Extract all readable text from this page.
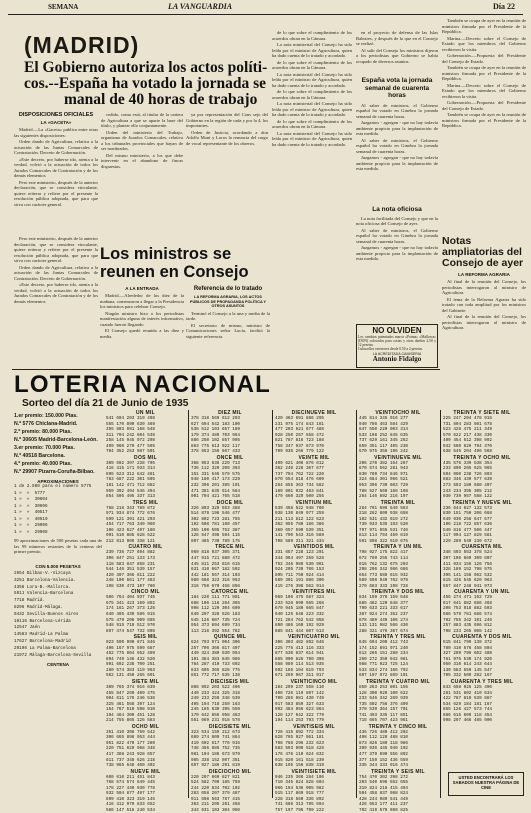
SEMANA	LA VANGUARDIA	Día 22
(MADRID)
El Gobierno autoriza los actos políti-
cos.--España ha votado la jornada se
manal de 40 horas de trabajo
DISPOSICIONES OFICIALES
LA «GACETA»

Madrid.—La «Gaceta» publica entre otras las siguientes disposiciones:

Orden dando de Agricultura, relativa a la actuación de las Juntas Comarcales de Contratación. Decreto de Gobernación.

«Este decreto, por haberse ido, atenta a la verdad, volvió a la actuación de todos los Jurados Comarcales de Contratación y de los demás elementos

Pero este ministerio, después de la anterior declaración, que se considera vinculante, quiere reiterar y refiere por el presente la resolución pública adoptada, que para que sirva con carácter general.

cedido, como está, al titular de la cartera de Agricultura a que se aparte la base del título, y planear ello conjuntamente.

Orden del ministerio del Trabajo, organismo de Jurados Comarcales, relativa a los tribunales provinciales que hayan de ser nombrados.

Del mismo ministerio, a los que debe intervenir en el abandono de fincas dispuestas.

ya por representación del Cons sejo del Gobierno en la región de cada y por la 4, los importantes.

Orden de Justicia, acordando a don Adolfo Mont y Lacos la renuncia del cargo de vocal representante de los obreros.

de lo que sobre el cumplimiento de los acuerdos obran en la Cámara.

La nota ministerial del Consejo ha sido leída por el ministro de Agricultura, quien ha dado cuenta de lo tratado y acordado.

de lo que sobre el cumplimiento de los acuerdos obran en la Cámara.

La nota ministerial del Consejo ha sido leída por el ministro de Agricultura, quien ha dado cuenta de lo tratado y acordado.

de lo que sobre el cumplimiento de los acuerdos obran en la Cámara.

La nota ministerial del Consejo ha sido leída por el ministro de Agricultura, quien ha dado cuenta de lo tratado y acordado.

de lo que sobre el cumplimiento de los acuerdos obran en la Cámara.

La nota ministerial del Consejo ha sido leída por el ministro de Agricultura, quien ha dado cuenta de lo tratado y acordado.

en el proyecto de defensa de las Islas Baleares, y después de lo que en el Consejo se realizó.

Al salir del Consejo los ministros dijeron a los periodistas que Gobierno se había ocupado de diversos asuntos.

España vota la jornada semanal de cuarenta horas

Al saber de ministros, el Gobierno español ha votado en Ginebra la jornada semanal de cuarenta horas.

Juzgamos - agregan - que no hay todavía ambiente propicio para la implantación de esta medida.

Al saber de ministros, el Gobierno español ha votado en Ginebra la jornada semanal de cuarenta horas.

Juzgamos - agregan - que no hay todavía ambiente propicio para la implantación de esta medida.

La nota oficiosa

La nota facilitada del Consejo y que en la nota oficiosa del Consejo de ayer.

Al saber de ministros, el Gobierno español ha votado en Ginebra la jornada semanal de cuarenta horas.

Juzgamos - agregan - que no hay todavía ambiente propicio para la implantación de esta medida.

También se ocupa de ayer en la reunión de ministros firmada por el Presidente de la República.

Marina.—Decreto sobre el Consejo de Estado que los miembros del Gobierno recibieron la visita.

Gobernación.—Propuesta del Presidente del Consejo de Estado.

También se ocupa de ayer en la reunión de ministros firmada por el Presidente de la República.

Marina.—Decreto sobre el Consejo de Estado que los miembros del Gobierno recibieron la visita.

Gobernación.—Propuesta del Presidente del Consejo de Estado.

También se ocupa de ayer en la reunión de ministros firmada por el Presidente de la República.

Notas ampliatorias del Consejo de ayer
LA REFORMA AGRARIA

Al final de la reunión del Consejo, los periodistas interrogaron al ministro de Agricultura.

El tema de la Reforma Agraria ha sido tratado con toda amplitud por los ministros del Gabinete.

Al final de la reunión del Consejo, los periodistas interrogaron al ministro de Agricultura.

Los ministros se
reunen en Consejo
A LA ENTRADA

Madrid.—Alrededor de las diez de la mañana, comenzaron a llegar a la Presidencia los ministros para celebrar Consejo.

Ningún ministro hizo a los periodistas manifestación alguna de interés informativo, cuando fueron llegando.

El Consejo quedó reunido a las diez y media.

Referencia de lo tratado
LA REFORMA AGRARIA, LOS ACTOS PÚBLICOS DE PROPAGANDA POLÍTICA Y OTROS ASUNTOS

Terminó el Consejo a la una y media de la tarde.

El secretario de mismo, ministro de Comunicaciones señor Lucía, facilitó la siguiente referencia.

Pero este ministerio, después de la anterior declaración, que se considera vinculante, quiere reiterar y refiere por el presente la resolución pública adoptada, que para que sirva con carácter general.

Orden dando de Agricultura, relativa a la actuación de las Juntas Comarcales de Contratación. Decreto de Gobernación.

«Este decreto, por haberse ido, atenta a la verdad, volvió a la actuación de todos los Jurados Comarcales de Contratación y de los demás elementos

NO OLVIDEN
Los cambios patentados marca «Poima» «Mallorca» (DON) colocados para costas y otras dueños 2,50 y 12 pesetas.
Cubacollos exteriores desde 0,50 a 2 pesetas.
LA ACREDITADA CAMISERIA
Antonio Fidalgo
LOTERIA NACIONAL
Sorteo del día 21 de Junio de 1935
1.er premio: 150.000 Ptas.
N.º 5776 Chiclana-Madrid.
2.º premio: 80.000 Ptas.
N.º 30605 Madrid-Barcelona-León.
3.er premio: 70.000 Ptas.
N.º 40518 Barcelona.
4.º premio: 40.000 Ptas.
N.º 29907 Pizarra-Coruña-Bilbao.
APROXIMACIONES
1 de 2.500 para el número 5775
1 »  »  5777
1 »  »  30604
1 »  »  30606
1 »  »  40517
1 »  »  40519
1 »  »  29906
1 »  »  29908
99 aproximaciones de 500 pesetas cada una de las 99 números restantes de la centena del primer premio.
CON 5.000 PESETAS
2654 Bilbao-V.-Vizcaya
3251 Barcelona-Valencia.
4358 Lora-B.-Mallorca.
5911 Valencia-Barcelona
7718 Madrid.
8296 Madrid-Málaga.
9432 Sevilla-Buenos Aires
10116 Barcelona-Lérida
12547 Jaén
14583 Madrid-La Palma
17627 Barcelona-Madrid
20196 La Palma-Barcelona
21972 Málaga-Barcelona-Sevilla
CENTENA
UN MIL
541 604 203 319 498
555 170 890 630 469
355 803 691 168 548
311 704 242 604 538
258 145 945 972 208
499 960 270 477 595
704 352 253 987 501
DOS MIL
309 592 397 238 795
416 415 171 933 314
895 523 312 642 461
783 687 222 301 505
181 142 471 712 682
959 392 494 546 494
854 505 495 337 313
TRES MIL
768 218 343 789 872
971 934 874 772 676
599 121 391 421 293
454 717 763 340 960
106 423 627 497 180
991 510 885 628 522
212 813 906 338 121
CUATRO MIL
239 736 727 694 882
306 847 251 133 173
118 583 847 858 231
544 146 351 539 157
420 307 366 811 222
248 100 661 177 463
198 530 473 107 780
CINCO MIL
506 764 404 937 745
675 341 423 169 892
174 161 267 373 126
640 495 439 585 915
575 479 208 909 695
548 915 710 512 970
897 474 547 732 808
SEIS MIL
923 590 990 671 846
496 167 975 599 687
452 775 804 552 499
894 749 146 432 520
991 692 238 709 251
280 574 383 119 963
562 131 450 265 691
SIETE MIL
309 765 374 916 639
455 847 260 409 475
904 611 176 246 536
325 461 558 397 124
154 767 510 598 910
194 464 300 451 128
214 755 865 126 583
OCHO MIL
351 410 308 759 542
306 665 898 953 444
951 822 470 177 289
220 751 629 968 348
417 388 243 928 657
811 737 348 626 218
738 965 648 400 402
NUEVE MIL
600 610 211 451 843
768 574 574 649 445
178 227 440 930 778
932 504 877 497 177
899 410 323 319 145
416 412 979 833 652
586 147 516 240 534
DIEZ MIL
378 318 569 612 293
627 694 542 183 100
538 512 103 657 189
179 374 489 703 964
886 250 102 857 995
863 775 613 922 117
378 653 156 667 433
ONCE MIL
368 953 636 229 713
736 112 320 209 393
151 331 546 579 575
948 180 417 173 229
232 396 201 395 191
471 381 835 514 564
901 704 421 765 518
DOCE MIL
326 803 329 653 488
514 879 196 546 477
302 802 723 281 755
192 508 781 160 457
355 100 505 752 387
126 547 498 594 115
807 485 730 789 175
TRECE MIL
969 818 937 305 371
447 915 721 880 472
445 811 253 816 615
631 410 667 182 502
442 181 567 314 103
980 660 323 316 953
316 750 670 456 856
CATORCE MIL
184 220 111 771 881
688 106 116 264 365
998 112 120 304 609
649 207 328 526 183
545 126 607 735 724
954 373 894 699 734
113 216 392 554 782
QUINCE MIL
624 793 971 904 306
257 706 366 817 407
449 324 380 930 954
101 384 383 845 986
784 287 410 733 602
833 605 365 828 775
851 772 717 635 138
DIECISEIS MIL
808 992 203 522 496
440 233 424 325 318
249 233 250 348 539
405 194 718 259 163
245 185 630 395 559
170 642 856 958 463
551 669 231 918 578
DIECISIETE MIL
323 534 159 212 673
689 274 809 741 884
419 692 617 776 915
748 456 886 752 735
981 104 186 673 979
985 338 152 807 351
697 927 186 291 819
DIECIOCHO MIL
220 207 860 827 821
524 582 709 185 759
244 220 834 702 102
283 658 207 379 487
911 598 563 787 415
363 211 205 261 458
343 631 103 304 950
DIECINUEVE MIL
420 463 691 886 295
231 975 174 843 161
477 203 621 677 486
928 250 267 558 472
821 787 816 723 188
758 347 937 673 970
709 936 266 779 122
VEINTE MIL
409 621 406 876 612
362 240 226 367 677
737 794 762 722 220
870 554 818 476 609
264 855 363 734 582
189 801 932 463 841
479 660 329 500 255
VEINTIUN MIL
539 468 522 948 760
938 130 849 977 259
211 113 812 122 523
362 955 780 186 386
360 657 590 539 351
141 790 543 316 589
708 589 311 321 434
VEINTIDOS MIL
331 657 228 123 291
344 964 497 259 528
752 346 989 530 981
924 205 739 706 153
895 711 750 924 414
569 301 191 886 300
415 276 398 562 914
VEINTITRES MIL
969 106 475 587 324
233 528 690 565 268
679 945 180 665 847
640 125 648 223 332
721 204 762 542 958
890 486 160 192 929
885 841 444 807 513
VEINTICUATRO MIL
306 303 482 892 646
225 776 413 116 333
877 530 837 614 941
865 900 826 790 308
558 989 114 513 935
692 166 104 619 793
671 269 967 311 917
VEINTICINCO MIL
164 299 237 558 110
406 726 119 897 142
700 286 981 430 749
917 583 859 327 633
992 484 956 623 864
128 127 942 322 779
194 114 253 793 779
VEINTISEIS MIL
726 415 892 772 334
828 765 927 961 181
768 768 296 232 623
583 593 900 518 428
176 476 110 624 832
915 820 161 518 239
638 195 156 838 319
VEINTISIETE MIL
946 235 366 284 106
710 345 824 828 604
966 194 536 905 982
515 117 869 918 777
228 318 560 336 892
741 666 313 795 694
757 197 795 799 222
VEINTIOCHO MIL
445 814 345 916 277
940 786 463 584 429
847 550 220 903 314
533 108 252 845 635
737 629 161 345 262
859 351 117 405 230
570 975 356 196 242
VEINTINUEVE MIL
206 270 382 154 267
870 574 562 281 943
630 789 734 846 971
324 684 301 986 521
953 396 730 603 729
788 527 560 168 198
264 146 892 216 197
TREINTA MIL
284 791 696 549 563
218 262 809 938 698
102 531 432 619 272
739 933 535 193 520
797 971 655 531 746
813 114 794 469 819
591 898 322 510 675
TREINTA Y UN MIL
798 927 175 822 417
672 769 255 743 114
816 762 132 675 203
298 206 342 986 686
654 773 688 615 932
589 598 940 762 979
270 683 333 198 728
TREINTA Y DOS MIL
834 199 370 159 648
885 482 120 848 377
790 633 221 333 617
387 924 274 352 237
878 489 449 106 274
133 131 982 566 430
288 321 476 367 674
TREINTA Y TRES MIL
645 694 200 412 743
174 152 891 971 240
612 266 151 280 234
260 272 350 942 961
988 771 923 725 124
533 834 274 166 792
697 197 972 869 101
TREINTA Y CUATRO MIL
850 263 253 801 155
128 300 920 100 622
233 546 342 269 939
735 502 756 376 409
370 539 364 157 701
741 493 335 117 851
718 665 707 423 961
TREINTA Y CINCO MIL
436 726 480 412 202
498 112 126 488 810
873 826 180 118 986
399 936 445 940 102
477 379 690 556 892
377 159 152 436 559
335 344 333 916 474
TREINTA Y SEIS MIL
754 470 302 398 272
203 540 696 552 655
319 824 218 415 494
504 458 837 988 824
428 244 989 541 449
426 653 177 411 237
702 419 570 600 825
TREINTA Y SIETE MIL
225 247 204 478 916
731 804 283 981 678
523 428 475 211 349
570 622 217 438 330
409 454 612 398 992
942 560 629 794 370
638 545 204 496 568
TREINTA Y OCHO MIL
435 576 339 538 354
233 890 205 625 965
504 990 238 726 803
883 346 439 577 639
273 593 180 680 407
243 234 395 305 212
930 739 987 588 122
TREINTA Y NUEVE MIL
236 644 627 132 573
830 151 750 206 668
649 930 258 647 677
196 218 722 857 636
540 816 477 506 447
117 994 127 829 581
229 289 540 230 672
CUARENTA MIL
348 503 553 378 524
307 106 669 309 807
411 934 156 126 756
328 189 152 798 975
395 141 158 962 532
815 426 545 620 963
557 847 248 941 973
CUARENTA Y UN MIL
456 274 471 162 729
617 641 882 886 468
208 753 918 882 593
566 579 781 686 574
792 755 342 101 246
257 883 435 696 812
798 233 265 808 142
CUARENTA Y DOS MIL
515 841 799 139 372
780 410 676 458 804
327 209 796 602 408
761 975 530 174 920
950 310 814 243 644
130 583 650 145 547
705 332 509 282 167
CUARENTA Y TRES MIL
843 658 925 125 406
281 531 802 410 634
422 787 810 539 887
534 629 184 181 167
855 126 427 573 744
886 615 609 118 454
998 297 466 485 900
USTED ENCONTRARÁ LOS SABADOS NUESTRA PÁGINA DE CINE
